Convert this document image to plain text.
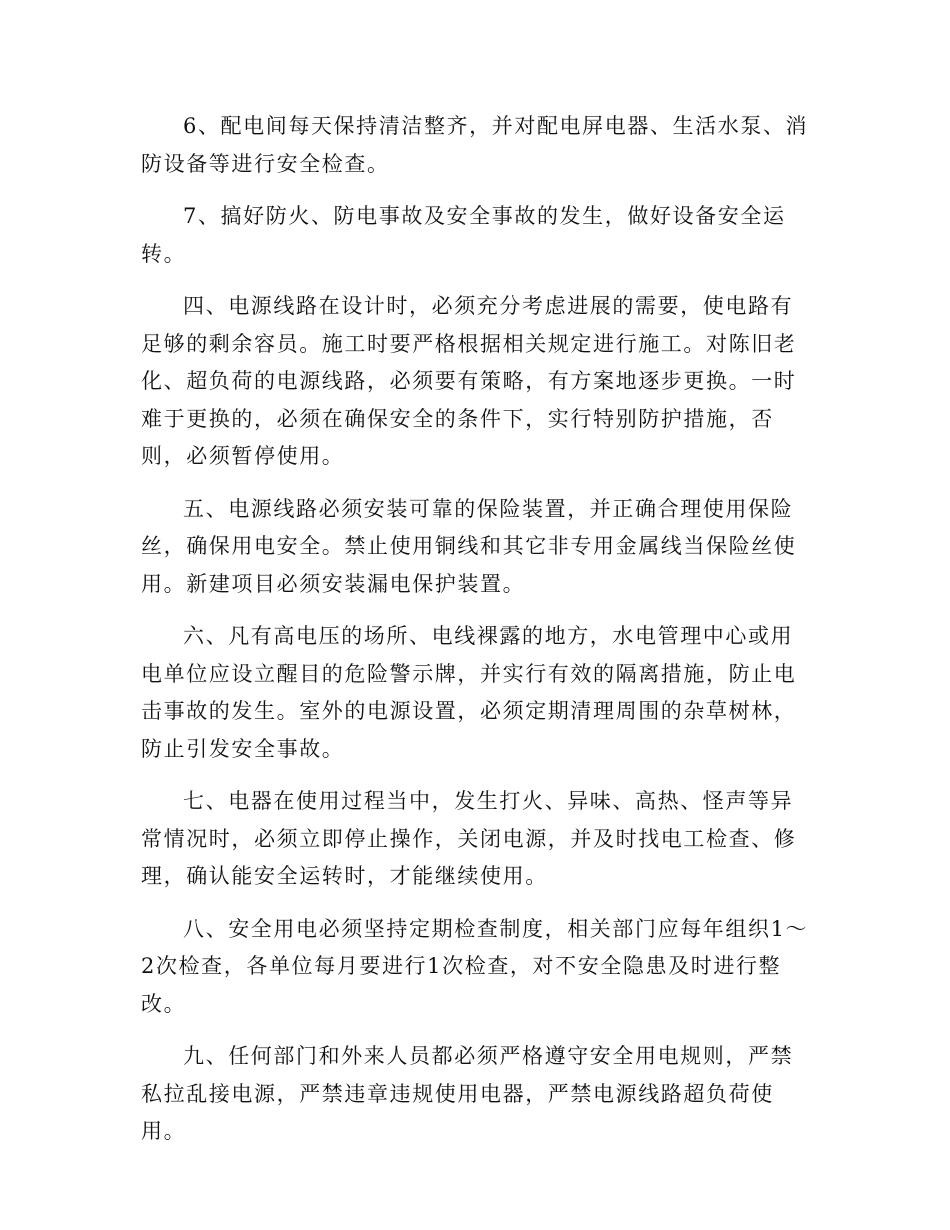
6、配电间每天保持清洁整齐，并对配电屏电器、生活水泵、消防设备等进行安全检查。

7、搞好防火、防电事故及安全事故的发生，做好设备安全运转。

四、电源线路在设计时，必须充分考虑进展的需要，使电路有足够的剩余容员。施工时要严格根据相关规定进行施工。对陈旧老化、超负荷的电源线路，必须要有策略，有方案地逐步更换。一时难于更换的，必须在确保安全的条件下，实行特别防护措施，否则，必须暂停使用。

五、电源线路必须安装可靠的保险装置，并正确合理使用保险丝，确保用电安全。禁止使用铜线和其它非专用金属线当保险丝使用。新建项目必须安装漏电保护装置。

六、凡有高电压的场所、电线裸露的地方，水电管理中心或用电单位应设立醒目的危险警示牌，并实行有效的隔离措施，防止电击事故的发生。室外的电源设置，必须定期清理周围的杂草树林，防止引发安全事故。

七、电器在使用过程当中，发生打火、异味、高热、怪声等异常情况时，必须立即停止操作，关闭电源，并及时找电工检查、修理，确认能安全运转时，才能继续使用。

八、安全用电必须坚持定期检查制度，相关部门应每年组织1～2次检查，各单位每月要进行1次检查，对不安全隐患及时进行整改。

九、任何部门和外来人员都必须严格遵守安全用电规则，严禁私拉乱接电源，严禁违章违规使用电器，严禁电源线路超负荷使用。
